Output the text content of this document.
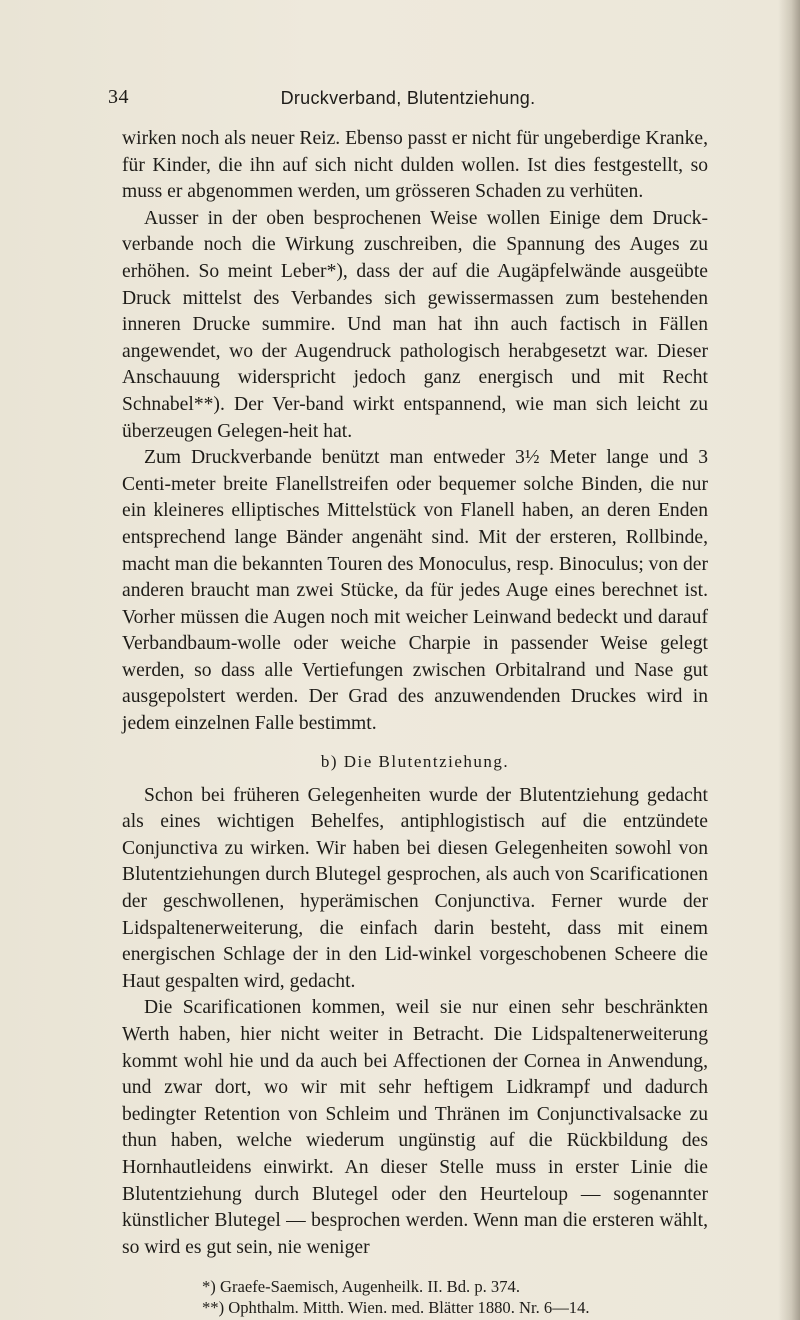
34	Druckverband, Blutentziehung.

wirken noch als neuer Reiz. Ebenso passt er nicht für ungeberdige Kranke, für Kinder, die ihn auf sich nicht dulden wollen. Ist dies festgestellt, so muss er abgenommen werden, um grösseren Schaden zu verhüten.

Ausser in der oben besprochenen Weise wollen Einige dem Druck-verbande noch die Wirkung zuschreiben, die Spannung des Auges zu erhöhen. So meint Leber*), dass der auf die Augäpfelwände ausgeübte Druck mittelst des Verbandes sich gewissermassen zum bestehenden inneren Drucke summire. Und man hat ihn auch factisch in Fällen angewendet, wo der Augendruck pathologisch herabgesetzt war. Dieser Anschauung widerspricht jedoch ganz energisch und mit Recht Schnabel**). Der Ver-band wirkt entspannend, wie man sich leicht zu überzeugen Gelegen-heit hat.

Zum Druckverbande benützt man entweder 3½ Meter lange und 3 Centi-meter breite Flanellstreifen oder bequemer solche Binden, die nur ein kleineres elliptisches Mittelstück von Flanell haben, an deren Enden entsprechend lange Bänder angenäht sind. Mit der ersteren, Rollbinde, macht man die bekannten Touren des Monoculus, resp. Binoculus; von der anderen braucht man zwei Stücke, da für jedes Auge eines berechnet ist. Vorher müssen die Augen noch mit weicher Leinwand bedeckt und darauf Verbandbaum-wolle oder weiche Charpie in passender Weise gelegt werden, so dass alle Vertiefungen zwischen Orbitalrand und Nase gut ausgepolstert werden. Der Grad des anzuwendenden Druckes wird in jedem einzelnen Falle bestimmt.

b) Die Blutentziehung.

Schon bei früheren Gelegenheiten wurde der Blutentziehung gedacht als eines wichtigen Behelfes, antiphlogistisch auf die entzündete Conjunctiva zu wirken. Wir haben bei diesen Gelegenheiten sowohl von Blutentziehungen durch Blutegel gesprochen, als auch von Scarificationen der geschwollenen, hyperämischen Conjunctiva. Ferner wurde der Lidspaltenerweiterung, die einfach darin besteht, dass mit einem energischen Schlage der in den Lid-winkel vorgeschobenen Scheere die Haut gespalten wird, gedacht.

Die Scarificationen kommen, weil sie nur einen sehr beschränkten Werth haben, hier nicht weiter in Betracht. Die Lidspaltenerweiterung kommt wohl hie und da auch bei Affectionen der Cornea in Anwendung, und zwar dort, wo wir mit sehr heftigem Lidkrampf und dadurch bedingter Retention von Schleim und Thränen im Conjunctivalsacke zu thun haben, welche wiederum ungünstig auf die Rückbildung des Hornhautleidens einwirkt. An dieser Stelle muss in erster Linie die Blutentziehung durch Blutegel oder den Heurteloup — sogenannter künstlicher Blutegel — besprochen werden. Wenn man die ersteren wählt, so wird es gut sein, nie weniger

*) Graefe-Saemisch, Augenheilk. II. Bd. p. 374.

**) Ophthalm. Mitth. Wien. med. Blätter 1880. Nr. 6—14.
